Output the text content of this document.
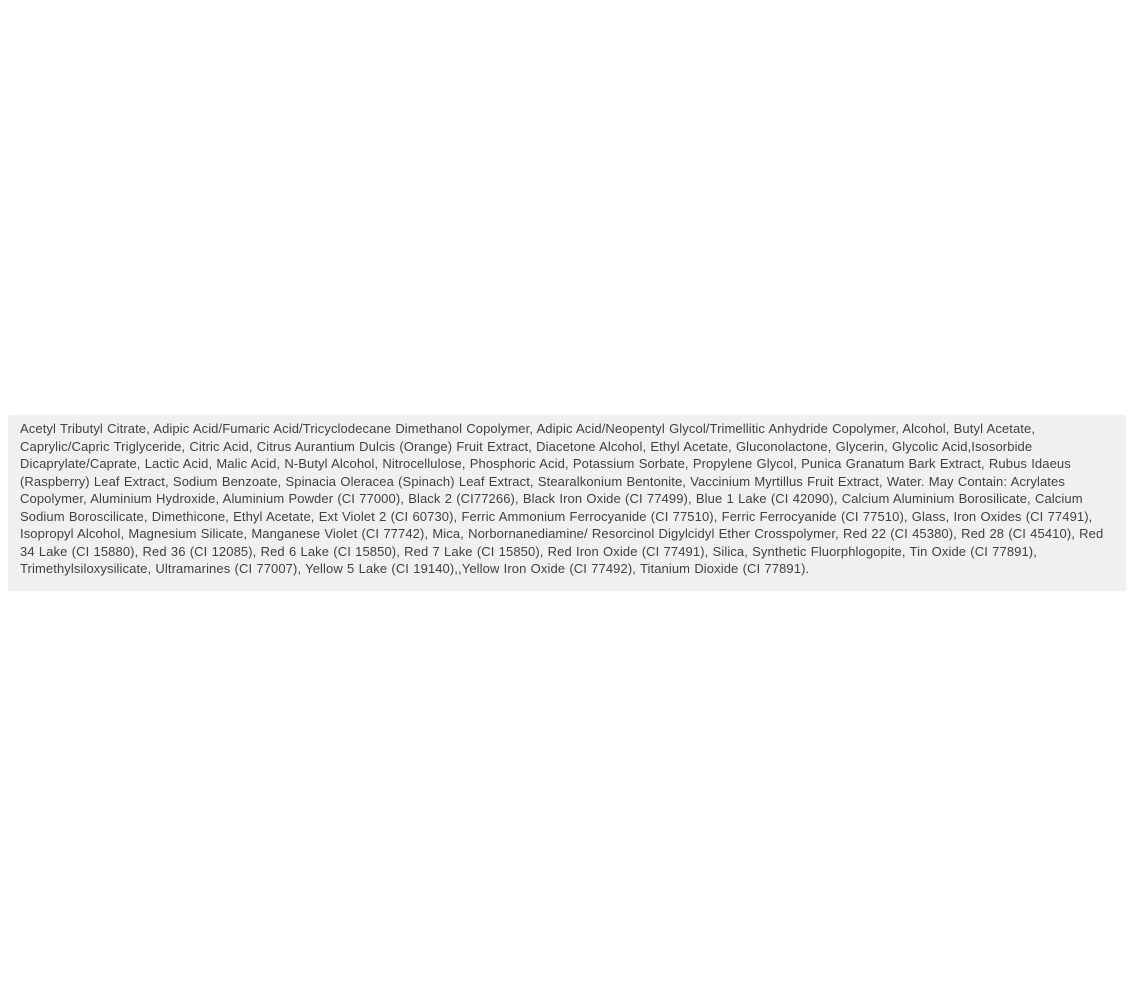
Acetyl Tributyl Citrate, Adipic Acid/Fumaric Acid/Tricyclodecane Dimethanol Copolymer, Adipic Acid/Neopentyl Glycol/Trimellitic Anhydride Copolymer, Alcohol, Butyl Acetate, Caprylic/Capric Triglyceride, Citric Acid, Citrus Aurantium Dulcis (Orange) Fruit Extract, Diacetone Alcohol, Ethyl Acetate, Gluconolactone, Glycerin, Glycolic Acid,Isosorbide Dicaprylate/Caprate, Lactic Acid, Malic Acid, N-Butyl Alcohol, Nitrocellulose, Phosphoric Acid, Potassium Sorbate, Propylene Glycol, Punica Granatum Bark Extract, Rubus Idaeus (Raspberry) Leaf Extract, Sodium Benzoate, Spinacia Oleracea (Spinach) Leaf Extract, Stearalkonium Bentonite, Vaccinium Myrtillus Fruit Extract, Water. May Contain: Acrylates Copolymer, Aluminium Hydroxide, Aluminium Powder (CI 77000), Black 2 (CI77266), Black Iron Oxide (CI 77499), Blue 1 Lake (CI 42090), Calcium Aluminium Borosilicate, Calcium Sodium Boroscilicate, Dimethicone, Ethyl Acetate, Ext Violet 2 (CI 60730), Ferric Ammonium Ferrocyanide (CI 77510), Ferric Ferrocyanide (CI 77510), Glass, Iron Oxides (CI 77491), Isopropyl Alcohol, Magnesium Silicate, Manganese Violet (CI 77742), Mica, Norbornanediamine/ Resorcinol Digylcidyl Ether Crosspolymer, Red 22 (CI 45380), Red 28 (CI 45410), Red 34 Lake (CI 15880), Red 36 (CI 12085), Red 6 Lake (CI 15850), Red 7 Lake (CI 15850), Red Iron Oxide (CI 77491), Silica, Synthetic Fluorphlogopite, Tin Oxide (CI 77891), Trimethylsiloxysilicate, Ultramarines (CI 77007), Yellow 5 Lake (CI 19140),,Yellow Iron Oxide (CI 77492), Titanium Dioxide (CI 77891).
